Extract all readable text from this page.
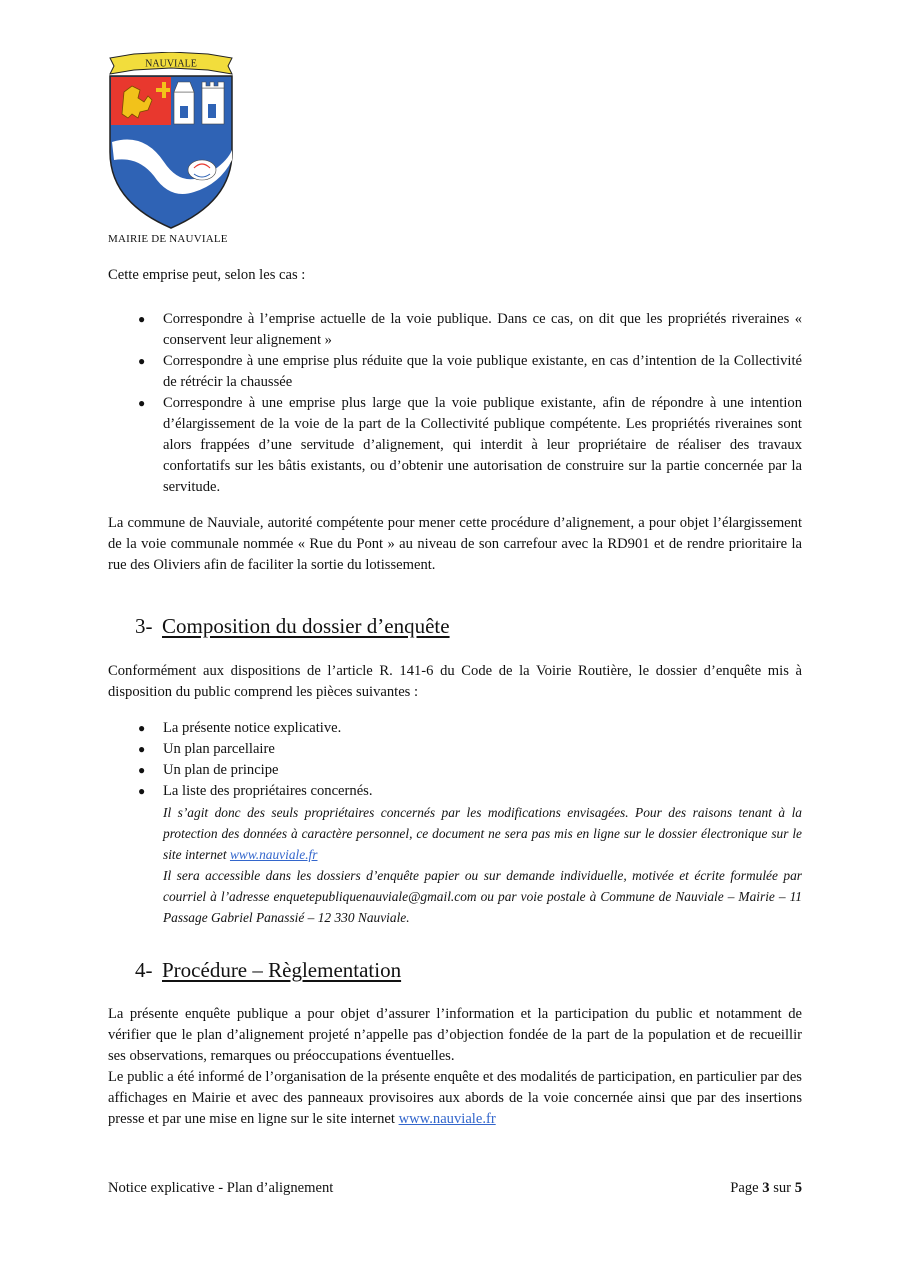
NAUVIALE
MAIRIE DE NAUVIALE

Cette emprise peut, selon les cas :

● Correspondre à l’emprise actuelle de la voie publique. Dans ce cas, on dit que les propriétés riveraines « conservent leur alignement »
● Correspondre à une emprise plus réduite que la voie publique existante, en cas d’intention de la Collectivité de rétrécir la chaussée
● Correspondre à une emprise plus large que la voie publique existante, afin de répondre à une intention d’élargissement de la voie de la part de la Collectivité publique compétente. Les propriétés riveraines sont alors frappées d’une servitude d’alignement, qui interdit à leur propriétaire de réaliser des travaux confortatifs sur les bâtis existants, ou d’obtenir une autorisation de construire sur la partie concernée par la servitude.

La commune de Nauviale, autorité compétente pour mener cette procédure d’alignement, a pour objet l’élargissement de la voie communale nommée « Rue du Pont » au niveau de son carrefour avec la RD901 et de rendre prioritaire la rue des Oliviers afin de faciliter la sortie du lotissement.

3- Composition du dossier d’enquête

Conformément aux dispositions de l’article R. 141-6 du Code de la Voirie Routière, le dossier d’enquête mis à disposition du public comprend les pièces suivantes :

● La présente notice explicative.
● Un plan parcellaire
● Un plan de principe
● La liste des propriétaires concernés.
Il s’agit donc des seuls propriétaires concernés par les modifications envisagées. Pour des raisons tenant à la protection des données à caractère personnel, ce document ne sera pas mis en ligne sur le dossier électronique sur le site internet www.nauviale.fr
Il sera accessible dans les dossiers d’enquête papier ou sur demande individuelle, motivée et écrite formulée par courriel à l’adresse enquetepubliquenauviale@gmail.com ou par voie postale à Commune de Nauviale – Mairie – 11 Passage Gabriel Panassié – 12 330 Nauviale.
4- Procédure – Règlementation

La présente enquête publique a pour objet d’assurer l’information et la participation du public et notamment de vérifier que le plan d’alignement projeté n’appelle pas d’objection fondée de la part de la population et de recueillir ses observations, remarques ou préoccupations éventuelles.

Le public a été informé de l’organisation de la présente enquête et des modalités de participation, en particulier par des affichages en Mairie et avec des panneaux provisoires aux abords de la voie concernée ainsi que par des insertions presse et par une mise en ligne sur le site internet www.nauviale.fr

Notice explicative - Plan d’alignement	Page 3 sur 5
